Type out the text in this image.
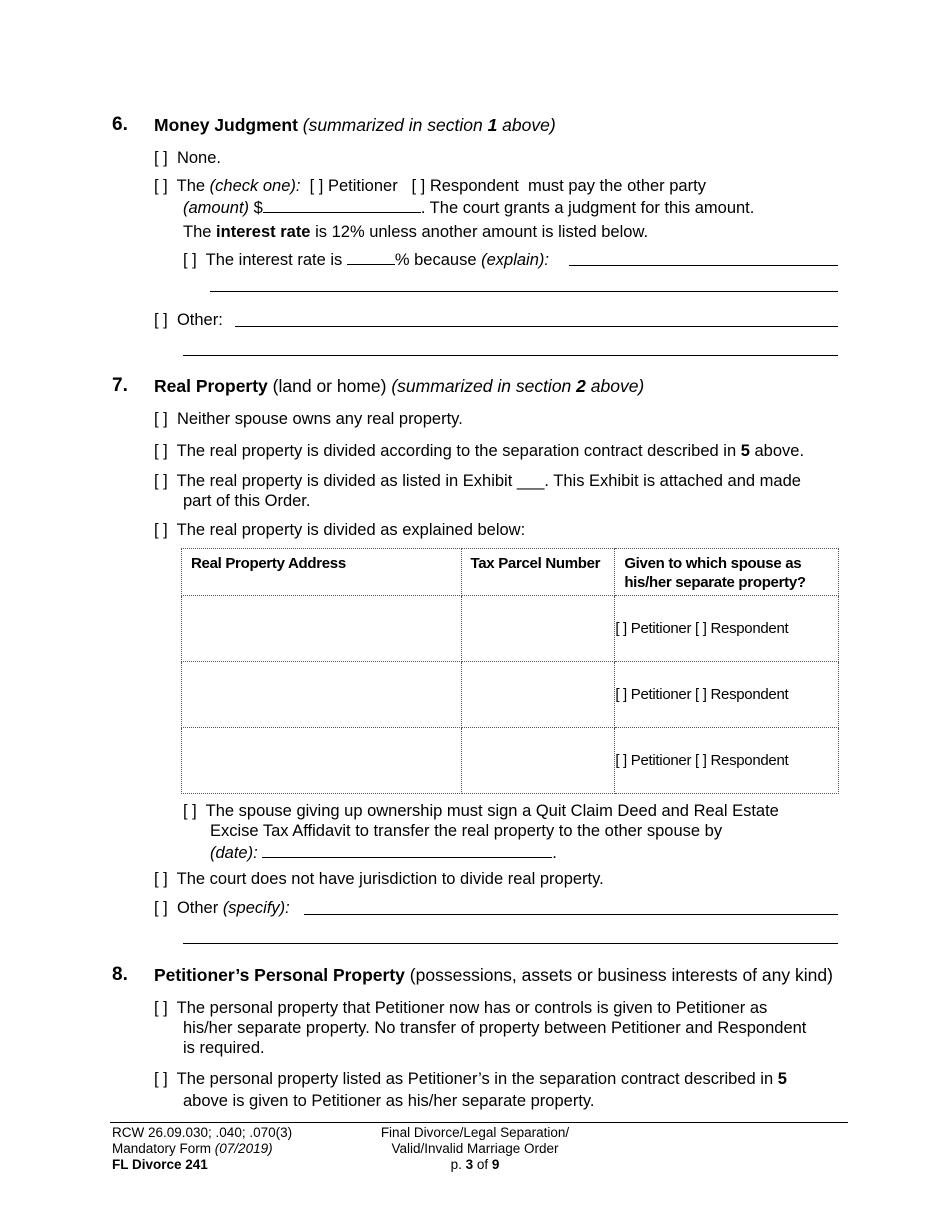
6. Money Judgment (summarized in section 1 above)
[ ] None.
[ ] The (check one): [ ] Petitioner [ ] Respondent must pay the other party
(amount) $	. The court grants a judgment for this amount.
The interest rate is 12% unless another amount is listed below.
[ ] The interest rate is	% because (explain):
[ ] Other:
7. Real Property (land or home) (summarized in section 2 above)
[ ] Neither spouse owns any real property.
[ ] The real property is divided according to the separation contract described in 5 above.
[ ] The real property is divided as listed in Exhibit ___. This Exhibit is attached and made
part of this Order.
[ ] The real property is divided as explained below:
Real Property Address	Tax Parcel Number	Given to which spouse as
his/her separate property?

		[ ] Petitioner [ ] Respondent
		[ ] Petitioner [ ] Respondent
		[ ] Petitioner [ ] Respondent
[ ] The spouse giving up ownership must sign a Quit Claim Deed and Real Estate
Excise Tax Affidavit to transfer the real property to the other spouse by
(date):	.
[ ] The court does not have jurisdiction to divide real property.
[ ] Other (specify):
8. Petitioner’s Personal Property (possessions, assets or business interests of any kind)
[ ] The personal property that Petitioner now has or controls is given to Petitioner as
his/her separate property. No transfer of property between Petitioner and Respondent
is required.
[ ] The personal property listed as Petitioner’s in the separation contract described in 5
above is given to Petitioner as his/her separate property.
RCW 26.09.030; .040; .070(3)
Mandatory Form (07/2019)
FL Divorce 241
Final Divorce/Legal Separation/
Valid/Invalid Marriage Order
p. 3 of 9
